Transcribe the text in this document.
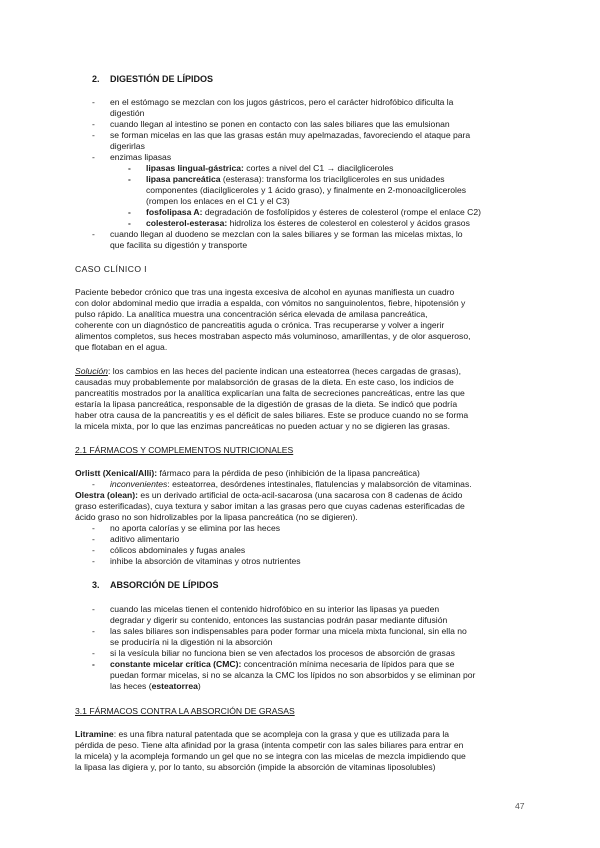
2. DIGESTIÓN DE LÍPIDOS
- en el estómago se mezclan con los jugos gástricos, pero el carácter hidrofóbico dificulta la
digestión
- cuando llegan al intestino se ponen en contacto con las sales biliares que las emulsionan
- se forman micelas en las que las grasas están muy apelmazadas, favoreciendo el ataque para
digerirlas
- enzimas lipasas
- lipasas lingual-gástrica: cortes a nivel del C1 → diacilgliceroles
- lipasa pancreática (esterasa): transforma los triacilgliceroles en sus unidades
componentes (diacilgliceroles y 1 ácido graso), y finalmente en 2-monoacilgliceroles
(rompen los enlaces en el C1 y el C3)
- fosfolipasa A: degradación de fosfolípidos y ésteres de colesterol (rompe el enlace C2)
- colesterol-esterasa: hidroliza los ésteres de colesterol en colesterol y ácidos grasos
- cuando llegan al duodeno se mezclan con la sales biliares y se forman las micelas mixtas, lo
que facilita su digestión y transporte
CASO CLÍNICO I
Paciente bebedor crónico que tras una ingesta excesiva de alcohol en ayunas manifiesta un cuadro
con dolor abdominal medio que irradia a espalda, con vómitos no sanguinolentos, fiebre, hipotensión y
pulso rápido. La analítica muestra una concentración sérica elevada de amilasa pancreática,
coherente con un diagnóstico de pancreatitis aguda o crónica. Tras recuperarse y volver a ingerir
alimentos completos, sus heces mostraban aspecto más voluminoso, amarillentas, y de olor asqueroso,
que flotaban en el agua.
Solución: los cambios en las heces del paciente indican una esteatorrea (heces cargadas de grasas),
causadas muy probablemente por malabsorción de grasas de la dieta. En este caso, los indicios de
pancreatitis mostrados por la analítica explicarían una falta de secreciones pancreáticas, entre las que
estaría la lipasa pancreática, responsable de la digestión de grasas de la dieta. Se indicó que podría
haber otra causa de la pancreatitis y es el déficit de sales biliares. Este se produce cuando no se forma
la micela mixta, por lo que las enzimas pancreáticas no pueden actuar y no se digieren las grasas.
2.1 FÁRMACOS Y COMPLEMENTOS NUTRICIONALES
Orlistt (Xenical/Alli): fármaco para la pérdida de peso (inhibición de la lipasa pancreática)
- inconvenientes: esteatorrea, desórdenes intestinales, flatulencias y malabsorción de vitaminas.
Olestra (olean): es un derivado artificial de octa-acil-sacarosa (una sacarosa con 8 cadenas de ácido
graso esterificadas), cuya textura y sabor imitan a las grasas pero que cuyas cadenas esterificadas de
ácido graso no son hidrolizables por la lipasa pancreática (no se digieren).
- no aporta calorías y se elimina por las heces
- aditivo alimentario
- cólicos abdominales y fugas anales
- inhibe la absorción de vitaminas y otros nutrientes
3. ABSORCIÓN DE LÍPIDOS
- cuando las micelas tienen el contenido hidrofóbico en su interior las lipasas ya pueden
degradar y digerir su contenido, entonces las sustancias podrán pasar mediante difusión
- las sales biliares son indispensables para poder formar una micela mixta funcional, sin ella no
se produciría ni la digestión ni la absorción
- si la vesícula biliar no funciona bien se ven afectados los procesos de absorción de grasas
- constante micelar crítica (CMC): concentración mínima necesaria de lípidos para que se
puedan formar micelas, si no se alcanza la CMC los lípidos no son absorbidos y se eliminan por
las heces (esteatorrea)
3.1 FÁRMACOS CONTRA LA ABSORCIÓN DE GRASAS
Litramine: es una fibra natural patentada que se acompleja con la grasa y que es utilizada para la
pérdida de peso. Tiene alta afinidad por la grasa (intenta competir con las sales biliares para entrar en
la micela) y la acompleja formando un gel que no se integra con las micelas de mezcla impidiendo que
la lipasa las digiera y, por lo tanto, su absorción (impide la absorción de vitaminas liposolubles)
47
